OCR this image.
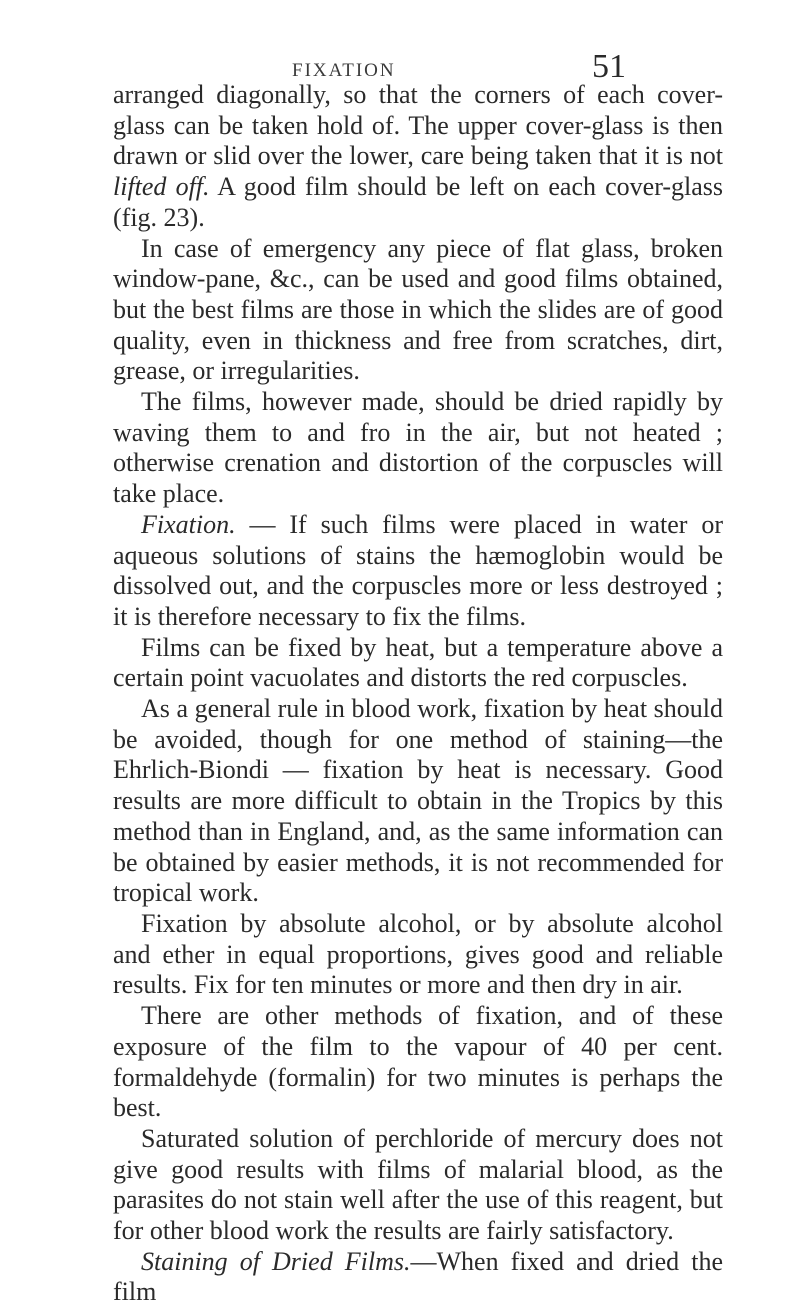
FIXATION	51

arranged diagonally, so that the corners of each cover-glass can be taken hold of. The upper cover-glass is then drawn or slid over the lower, care being taken that it is not lifted off. A good film should be left on each cover-glass (fig. 23).

In case of emergency any piece of flat glass, broken window-pane, &c., can be used and good films obtained, but the best films are those in which the slides are of good quality, even in thickness and free from scratches, dirt, grease, or irregularities.

The films, however made, should be dried rapidly by waving them to and fro in the air, but not heated ; otherwise crenation and distortion of the corpuscles will take place.

Fixation. — If such films were placed in water or aqueous solutions of stains the hæmoglobin would be dissolved out, and the corpuscles more or less destroyed ; it is therefore necessary to fix the films.

Films can be fixed by heat, but a temperature above a certain point vacuolates and distorts the red corpuscles.

As a general rule in blood work, fixation by heat should be avoided, though for one method of staining—the Ehrlich-Biondi — fixation by heat is necessary. Good results are more difficult to obtain in the Tropics by this method than in England, and, as the same information can be obtained by easier methods, it is not recommended for tropical work.

Fixation by absolute alcohol, or by absolute alcohol and ether in equal proportions, gives good and reliable results. Fix for ten minutes or more and then dry in air.

There are other methods of fixation, and of these exposure of the film to the vapour of 40 per cent. formaldehyde (formalin) for two minutes is perhaps the best.

Saturated solution of perchloride of mercury does not give good results with films of malarial blood, as the parasites do not stain well after the use of this reagent, but for other blood work the results are fairly satisfactory.

Staining of Dried Films.—When fixed and dried the film
